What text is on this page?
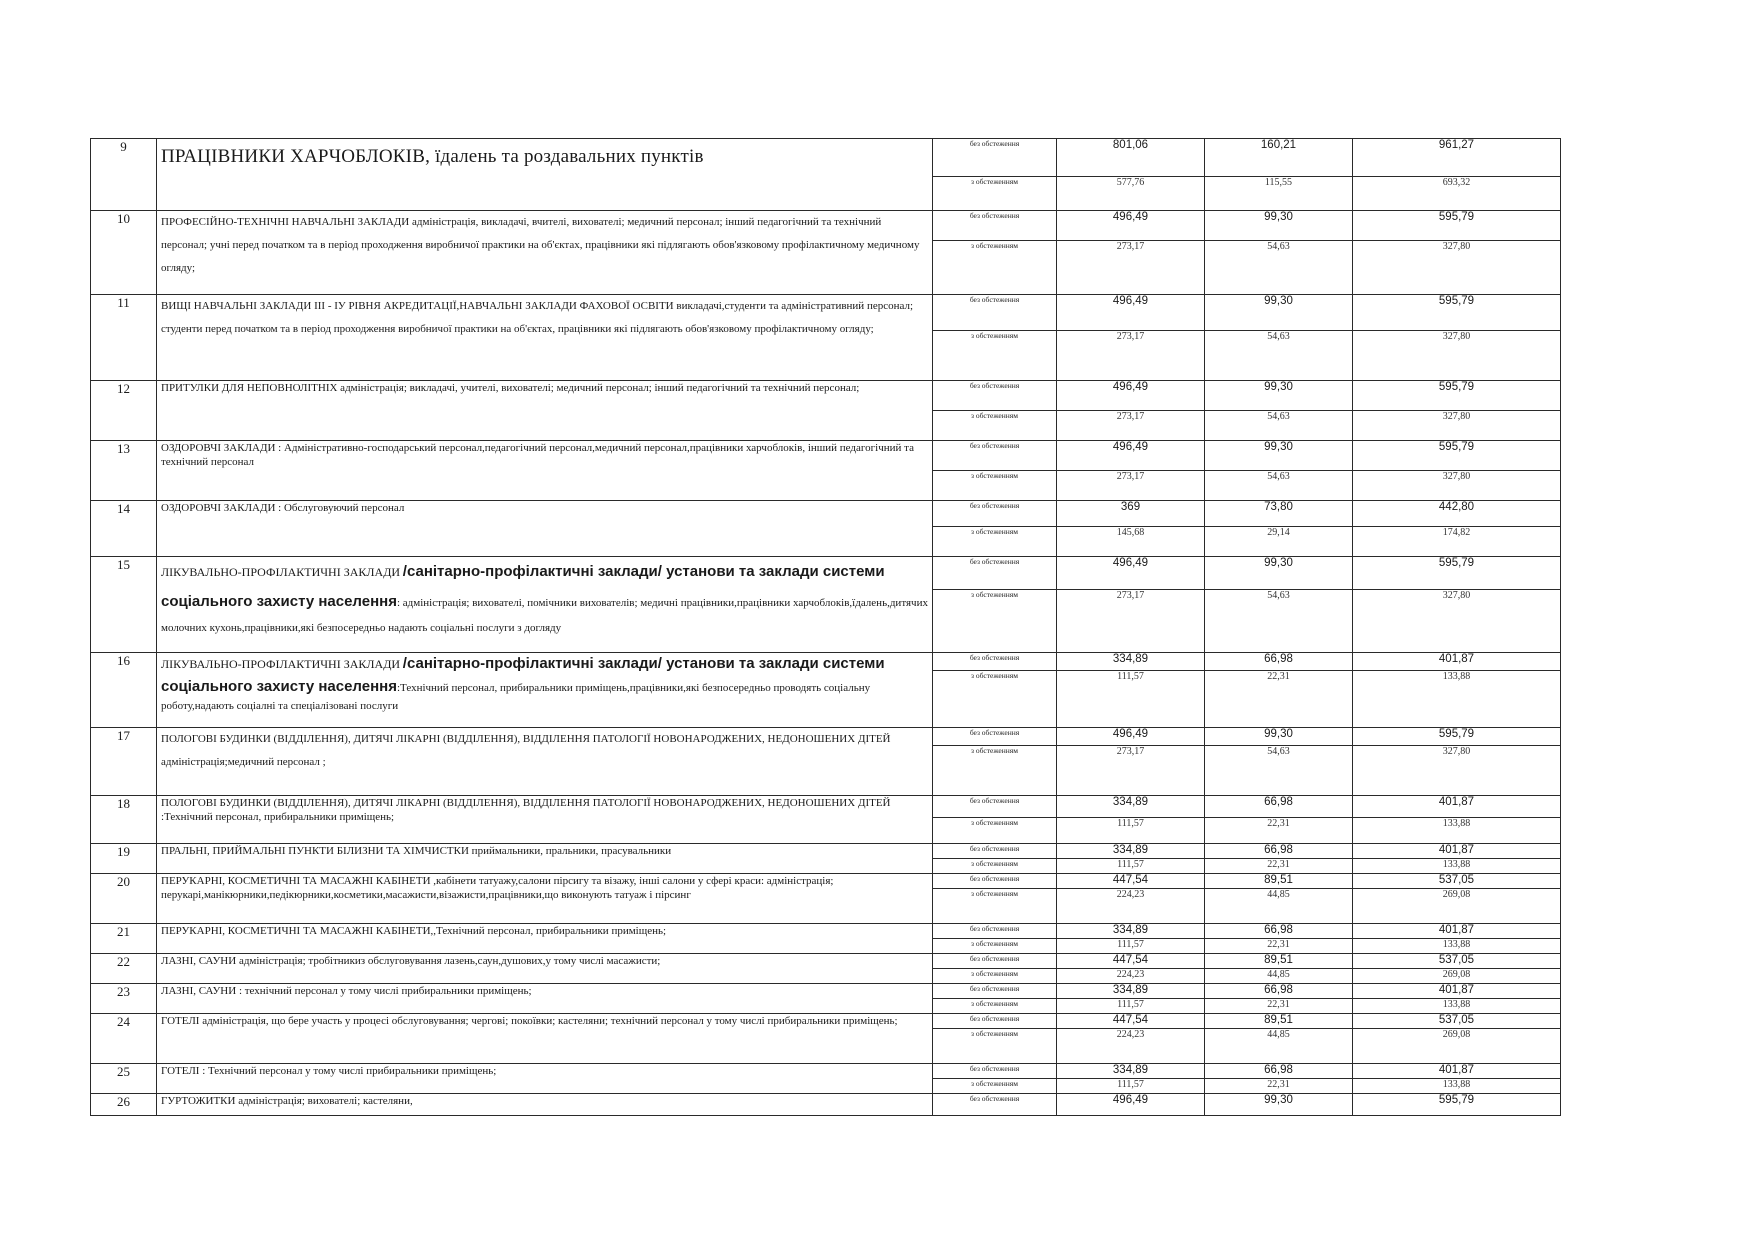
9	ПРАЦІВНИКИ ХАРЧОБЛОКІВ, їдалень та роздавальних пунктів	без обстеження	801,06	160,21	961,27
		з обстеженням	577,76	115,55	693,32
10	ПРОФЕСІЙНО-ТЕХНІЧНІ НАВЧАЛЬНІ ЗАКЛАДИ адміністрація, викладачі, вчителі, вихователі; медичний персонал; інший педагогічний та технічний персонал; учні перед початком та в період проходження виробничої практики на об'єктах, працівники які підлягають обов'язковому профілактичному медичному огляду;	без обстеження	496,49	99,30	595,79
		з обстеженням	273,17	54,63	327,80
11	ВИЩІ НАВЧАЛЬНІ ЗАКЛАДИ ІІІ - ІУ РІВНЯ АКРЕДИТАЦІЇ,НАВЧАЛЬНІ ЗАКЛАДИ ФАХОВОЇ ОСВІТИ викладачі,студенти та адміністративний персонал; студенти перед початком та в період проходження виробничої практики на об'єктах, працівники які підлягають обов'язковому профілактичному огляду;	без обстеження	496,49	99,30	595,79
		з обстеженням	273,17	54,63	327,80
12	ПРИТУЛКИ ДЛЯ НЕПОВНОЛІТНІХ адміністрація; викладачі, учителі, вихователі; медичний персонал; інший педагогічний та технічний персонал;	без обстеження	496,49	99,30	595,79
		з обстеженням	273,17	54,63	327,80
13	ОЗДОРОВЧІ ЗАКЛАДИ : Адміністративно-господарський персонал,педагогічний персонал,медичний персонал,працівники харчоблоків, інший педагогічний та технічний персонал	без обстеження	496,49	99,30	595,79
		з обстеженням	273,17	54,63	327,80
14	ОЗДОРОВЧІ ЗАКЛАДИ : Обслуговуючий персонал	без обстеження	369	73,80	442,80
		з обстеженням	145,68	29,14	174,82
15	ЛІКУВАЛЬНО-ПРОФІЛАКТИЧНІ ЗАКЛАДИ /санітарно-профілактичні заклади/ установи та заклади системи соціального захисту населення: адміністрація; вихователі, помічники вихователів; медичні працівники,працівники харчоблоків,їдалень,дитячих молочних кухонь,працівники,які безпосередньо надають соціальні послуги з догляду	без обстеження	496,49	99,30	595,79
		з обстеженням	273,17	54,63	327,80
16	ЛІКУВАЛЬНО-ПРОФІЛАКТИЧНІ ЗАКЛАДИ /санітарно-профілактичні заклади/ установи та заклади системи соціального захисту населення:Технічний персонал, прибиральники приміщень,працівники,які безпосередньо проводять соціальну роботу,надають соціалні та спеціалізовані послуги	без обстеження	334,89	66,98	401,87
		з обстеженням	111,57	22,31	133,88
17	ПОЛОГОВІ БУДИНКИ (ВІДДІЛЕННЯ), ДИТЯЧІ ЛІКАРНІ (ВІДДІЛЕННЯ), ВІДДІЛЕННЯ ПАТОЛОГІЇ НОВОНАРОДЖЕНИХ, НЕДОНОШЕНИХ ДІТЕЙ адміністрація;медичний персонал ;	без обстеження	496,49	99,30	595,79
		з обстеженням	273,17	54,63	327,80
18	ПОЛОГОВІ БУДИНКИ (ВІДДІЛЕННЯ), ДИТЯЧІ ЛІКАРНІ (ВІДДІЛЕННЯ), ВІДДІЛЕННЯ ПАТОЛОГІЇ НОВОНАРОДЖЕНИХ, НЕДОНОШЕНИХ ДІТЕЙ :Технічний персонал, прибиральники приміщень;	без обстеження	334,89	66,98	401,87
		з обстеженням	111,57	22,31	133,88
19	ПРАЛЬНІ, ПРИЙМАЛЬНІ ПУНКТИ БІЛИЗНИ ТА ХІМЧИСТКИ приймальники, пральники, прасувальники	без обстеження	334,89	66,98	401,87
		з обстеженням	111,57	22,31	133,88
20	ПЕРУКАРНІ, КОСМЕТИЧНІ ТА МАСАЖНІ КАБІНЕТИ ,кабінети татуажу,салони пірсигу та візажу, інші салони у сфері краси: адміністрація; перукарі,манікюрники,педікюрники,косметики,масажисти,візажисти,працівники,що виконують татуаж і пірсинг	без обстеження	447,54	89,51	537,05
		з обстеженням	224,23	44,85	269,08
21	ПЕРУКАРНІ, КОСМЕТИЧНІ ТА МАСАЖНІ КАБІНЕТИ,,Технічний персонал, прибиральники приміщень;	без обстеження	334,89	66,98	401,87
		з обстеженням	111,57	22,31	133,88
22	ЛАЗНІ, САУНИ адміністрація; тробітникиз обслуговування лазень,саун,душових,у тому числі масажисти;	без обстеження	447,54	89,51	537,05
		з обстеженням	224,23	44,85	269,08
23	ЛАЗНІ, САУНИ : технічний персонал у тому числі прибиральники приміщень;	без обстеження	334,89	66,98	401,87
		з обстеженням	111,57	22,31	133,88
24	ГОТЕЛІ адміністрація, що бере участь у процесі обслуговування; чергові; покоївки; кастеляни; технічний персонал у тому числі прибиральники приміщень;	без обстеження	447,54	89,51	537,05
		з обстеженням	224,23	44,85	269,08
25	ГОТЕЛІ : Технічний персонал у тому числі прибиральники приміщень;	без обстеження	334,89	66,98	401,87
		з обстеженням	111,57	22,31	133,88
26	ГУРТОЖИТКИ адміністрація; вихователі; кастеляни,	без обстеження	496,49	99,30	595,79
